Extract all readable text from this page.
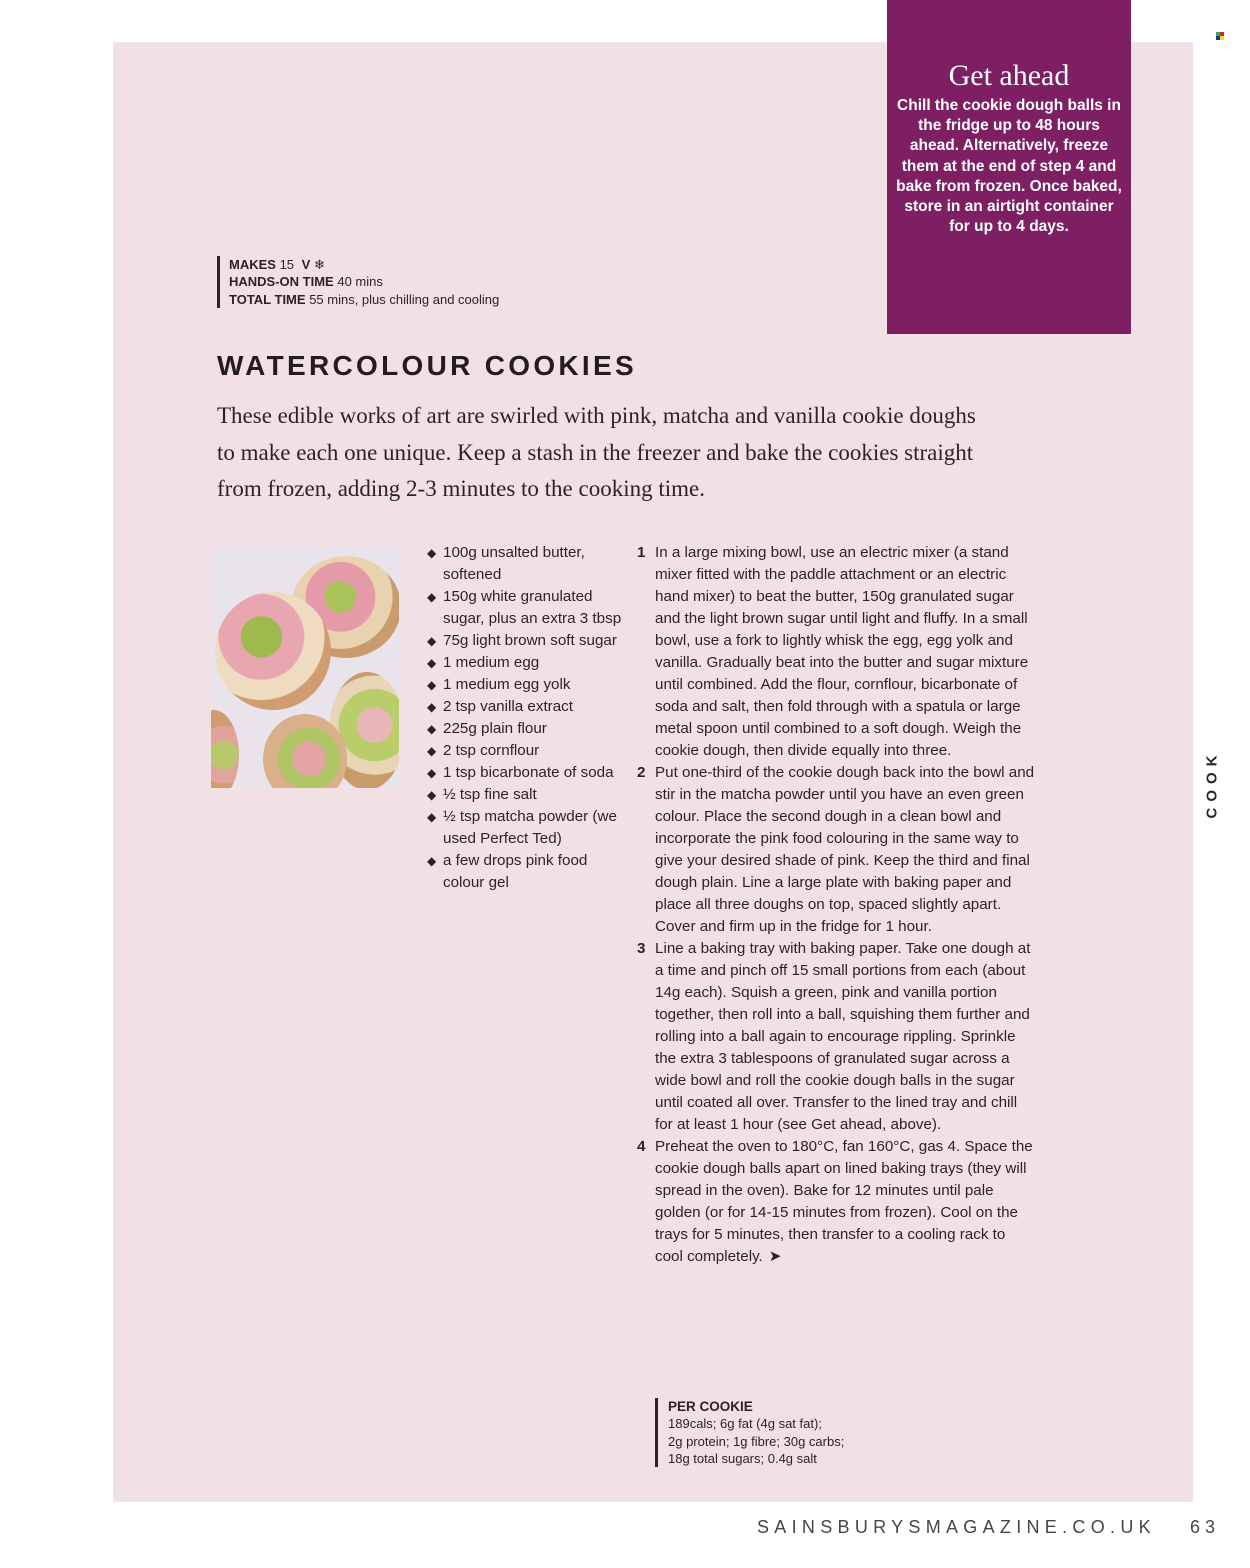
Get ahead

Chill the cookie dough balls in the fridge up to 48 hours ahead. Alternatively, freeze them at the end of step 4 and bake from frozen. Once baked, store in an airtight container for up to 4 days.

MAKES 15 V ❄
HANDS-ON TIME 40 mins
TOTAL TIME 55 mins, plus chilling and cooling
WATERCOLOUR COOKIES

These edible works of art are swirled with pink, matcha and vanilla cookie doughs to make each one unique. Keep a stash in the freezer and bake the cookies straight from frozen, adding 2-3 minutes to the cooking time.

◆ 100g unsalted butter, softened
◆ 150g white granulated sugar, plus an extra 3 tbsp
◆ 75g light brown soft sugar
◆ 1 medium egg
◆ 1 medium egg yolk
◆ 2 tsp vanilla extract
◆ 225g plain flour
◆ 2 tsp cornflour
◆ 1 tsp bicarbonate of soda
◆ ½ tsp fine salt
◆ ½ tsp matcha powder (we used Perfect Ted)
◆ a few drops pink food colour gel
1 In a large mixing bowl, use an electric mixer (a stand mixer fitted with the paddle attachment or an electric hand mixer) to beat the butter, 150g granulated sugar and the light brown sugar until light and fluffy. In a small bowl, use a fork to lightly whisk the egg, egg yolk and vanilla. Gradually beat into the butter and sugar mixture until combined. Add the flour, cornflour, bicarbonate of soda and salt, then fold through with a spatula or large metal spoon until combined to a soft dough. Weigh the cookie dough, then divide equally into three.
2 Put one-third of the cookie dough back into the bowl and stir in the matcha powder until you have an even green colour. Place the second dough in a clean bowl and incorporate the pink food colouring in the same way to give your desired shade of pink. Keep the third and final dough plain. Line a large plate with baking paper and place all three doughs on top, spaced slightly apart. Cover and firm up in the fridge for 1 hour.
3 Line a baking tray with baking paper. Take one dough at a time and pinch off 15 small portions from each (about 14g each). Squish a green, pink and vanilla portion together, then roll into a ball, squishing them further and rolling into a ball again to encourage rippling. Sprinkle the extra 3 tablespoons of granulated sugar across a wide bowl and roll the cookie dough balls in the sugar until coated all over. Transfer to the lined tray and chill for at least 1 hour (see Get ahead, above).
4 Preheat the oven to 180°C, fan 160°C, gas 4. Space the cookie dough balls apart on lined baking trays (they will spread in the oven). Bake for 12 minutes until pale golden (or for 14-15 minutes from frozen). Cool on the trays for 5 minutes, then transfer to a cooling rack to cool completely. ➤
PER COOKIE
189cals; 6g fat (4g sat fat);
2g protein; 1g fibre; 30g carbs;
18g total sugars; 0.4g salt
COOK
SAINSBURYSMAGAZINE.CO.UK 63
